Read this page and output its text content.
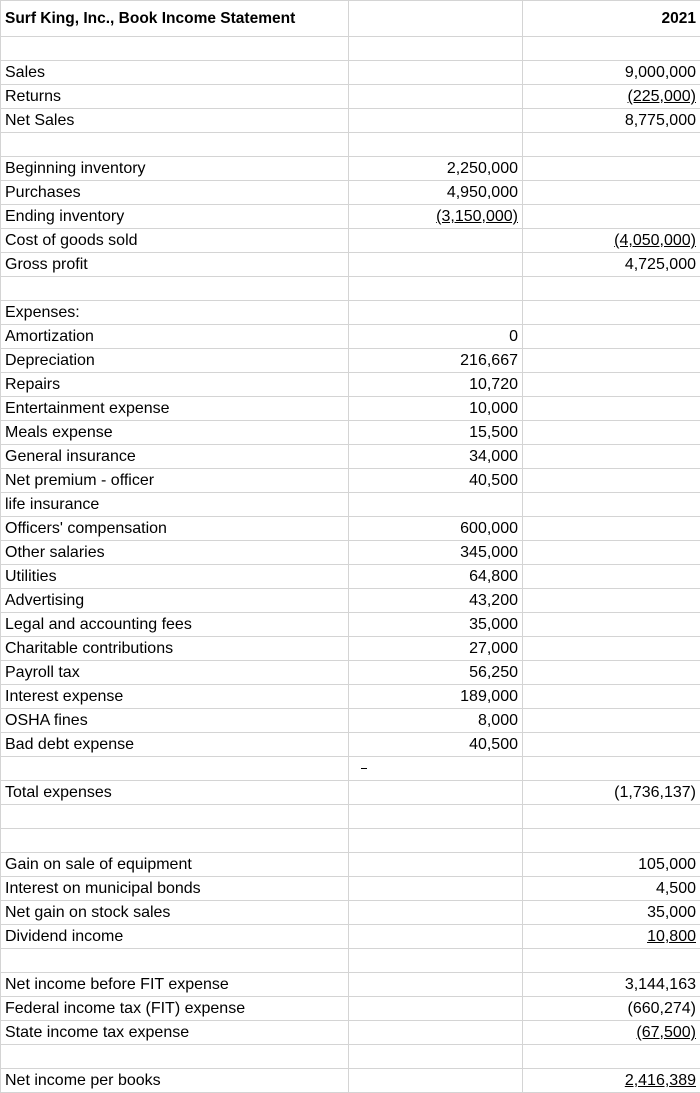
Surf King, Inc., Book Income Statement		2021

Sales		9,000,000
Returns		(225,000)
Net Sales		8,775,000

Beginning inventory	2,250,000	
Purchases	4,950,000	
Ending inventory	(3,150,000)	
Cost of goods sold		(4,050,000)
Gross profit		4,725,000

Expenses:		
Amortization	0	
Depreciation	216,667	
Repairs	10,720	
Entertainment expense	10,000	
Meals expense	15,500	
General insurance	34,000	
Net premium - officer	40,500	
life insurance		
Officers' compensation	600,000	
Other salaries	345,000	
Utilities	64,800	
Advertising	43,200	
Legal and accounting fees	35,000	
Charitable contributions	27,000	
Payroll tax	56,250	
Interest expense	189,000	
OSHA fines	8,000	
Bad debt expense	40,500	

Total expenses		(1,736,137)

Gain on sale of equipment		105,000
Interest on municipal bonds		4,500
Net gain on stock sales		35,000
Dividend income		10,800

Net income before FIT expense		3,144,163
Federal income tax (FIT) expense		(660,274)
State income tax expense		(67,500)

Net income per books		2,416,389
